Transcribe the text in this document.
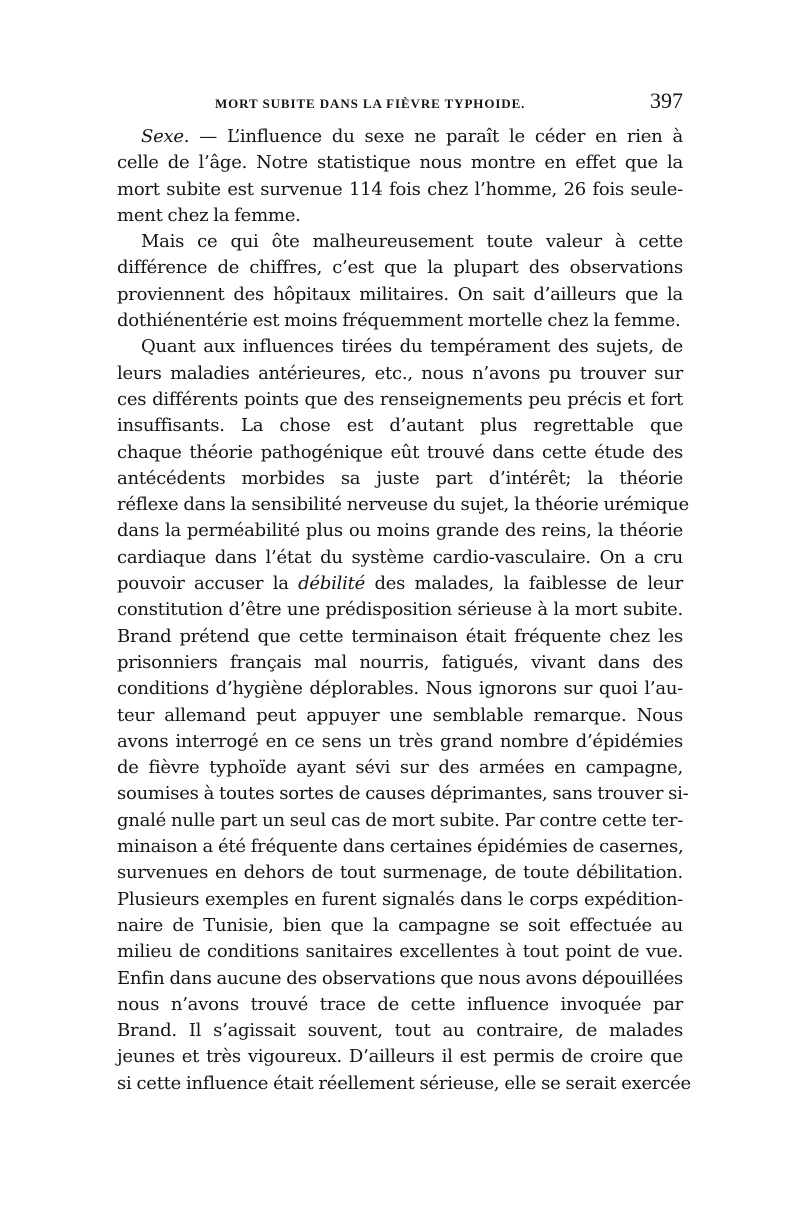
MORT SUBITE DANS LA FIÈVRE TYPHOIDE.	397
Sexe. — L’influence du sexe ne paraît le céder en rien à
celle de l’âge. Notre statistique nous montre en effet que la
mort subite est survenue 114 fois chez l’homme, 26 fois seule-
ment chez la femme.
Mais ce qui ôte malheureusement toute valeur à cette
différence de chiffres, c’est que la plupart des observations
proviennent des hôpitaux militaires. On sait d’ailleurs que la
dothiénentérie est moins fréquemment mortelle chez la femme.
Quant aux influences tirées du tempérament des sujets, de
leurs maladies antérieures, etc., nous n’avons pu trouver sur
ces différents points que des renseignements peu précis et fort
insuffisants. La chose est d’autant plus regrettable que
chaque théorie pathogénique eût trouvé dans cette étude des
antécédents morbides sa juste part d’intérêt; la théorie
réflexe dans la sensibilité nerveuse du sujet, la théorie urémique
dans la perméabilité plus ou moins grande des reins, la théorie
cardiaque dans l’état du système cardio-vasculaire. On a cru
pouvoir accuser la débilité des malades, la faiblesse de leur
constitution d’être une prédisposition sérieuse à la mort subite.
Brand prétend que cette terminaison était fréquente chez les
prisonniers français mal nourris, fatigués, vivant dans des
conditions d’hygiène déplorables. Nous ignorons sur quoi l’au-
teur allemand peut appuyer une semblable remarque. Nous
avons interrogé en ce sens un très grand nombre d’épidémies
de fièvre typhoïde ayant sévi sur des armées en campagne,
soumises à toutes sortes de causes déprimantes, sans trouver si-
gnalé nulle part un seul cas de mort subite. Par contre cette ter-
minaison a été fréquente dans certaines épidémies de casernes,
survenues en dehors de tout surmenage, de toute débilitation.
Plusieurs exemples en furent signalés dans le corps expédition-
naire de Tunisie, bien que la campagne se soit effectuée au
milieu de conditions sanitaires excellentes à tout point de vue.
Enfin dans aucune des observations que nous avons dépouillées
nous n’avons trouvé trace de cette influence invoquée par
Brand. Il s’agissait souvent, tout au contraire, de malades
jeunes et très vigoureux. D’ailleurs il est permis de croire que
si cette influence était réellement sérieuse, elle se serait exercée
